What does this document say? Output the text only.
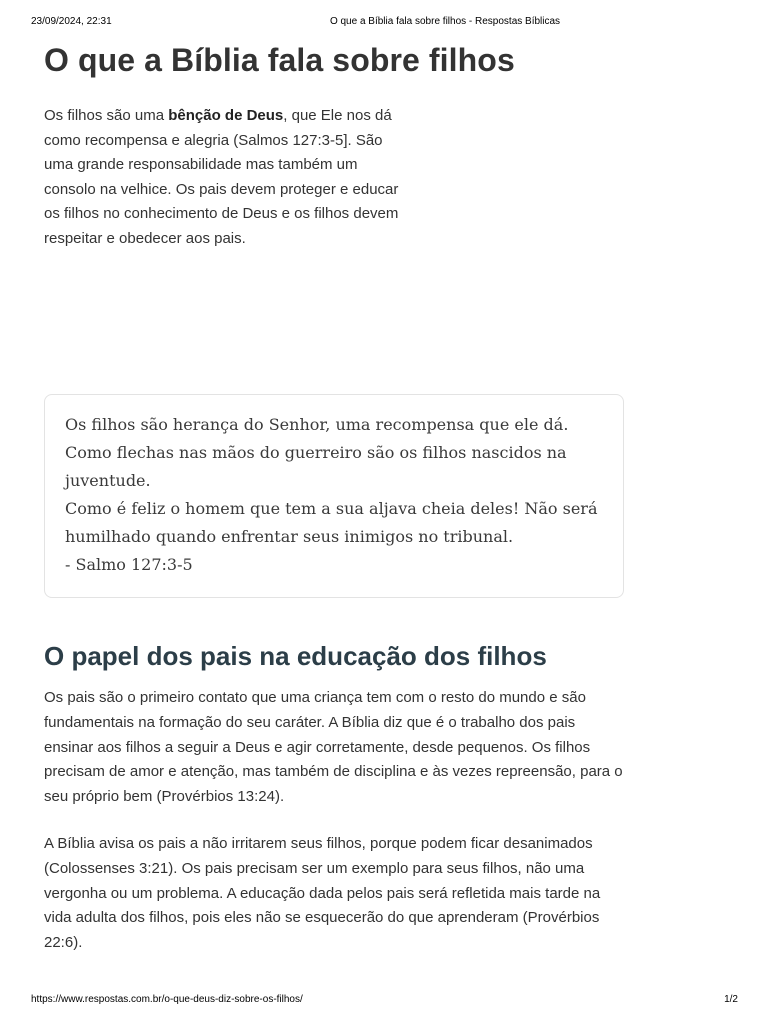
23/09/2024, 22:31	O que a Bíblia fala sobre filhos - Respostas Bíblicas
O que a Bíblia fala sobre filhos

Os filhos são uma bênção de Deus, que Ele nos dá como recompensa e alegria (Salmos 127:3-5]. São uma grande responsabilidade mas também um consolo na velhice. Os pais devem proteger e educar os filhos no conhecimento de Deus e os filhos devem respeitar e obedecer aos pais.

Os filhos são herança do Senhor, uma recompensa que ele dá.

Como flechas nas mãos do guerreiro são os filhos nascidos na juventude.

Como é feliz o homem que tem a sua aljava cheia deles! Não será humilhado quando enfrentar seus inimigos no tribunal.

- Salmo 127:3-5

O papel dos pais na educação dos filhos

Os pais são o primeiro contato que uma criança tem com o resto do mundo e são fundamentais na formação do seu caráter. A Bíblia diz que é o trabalho dos pais ensinar aos filhos a seguir a Deus e agir corretamente, desde pequenos. Os filhos precisam de amor e atenção, mas também de disciplina e às vezes repreensão, para o seu próprio bem (Provérbios 13:24).

A Bíblia avisa os pais a não irritarem seus filhos, porque podem ficar desanimados (Colossenses 3:21). Os pais precisam ser um exemplo para seus filhos, não uma vergonha ou um problema. A educação dada pelos pais será refletida mais tarde na vida adulta dos filhos, pois eles não se esquecerão do que aprenderam (Provérbios 22:6).

https://www.respostas.com.br/o-que-deus-diz-sobre-os-filhos/	1/2
